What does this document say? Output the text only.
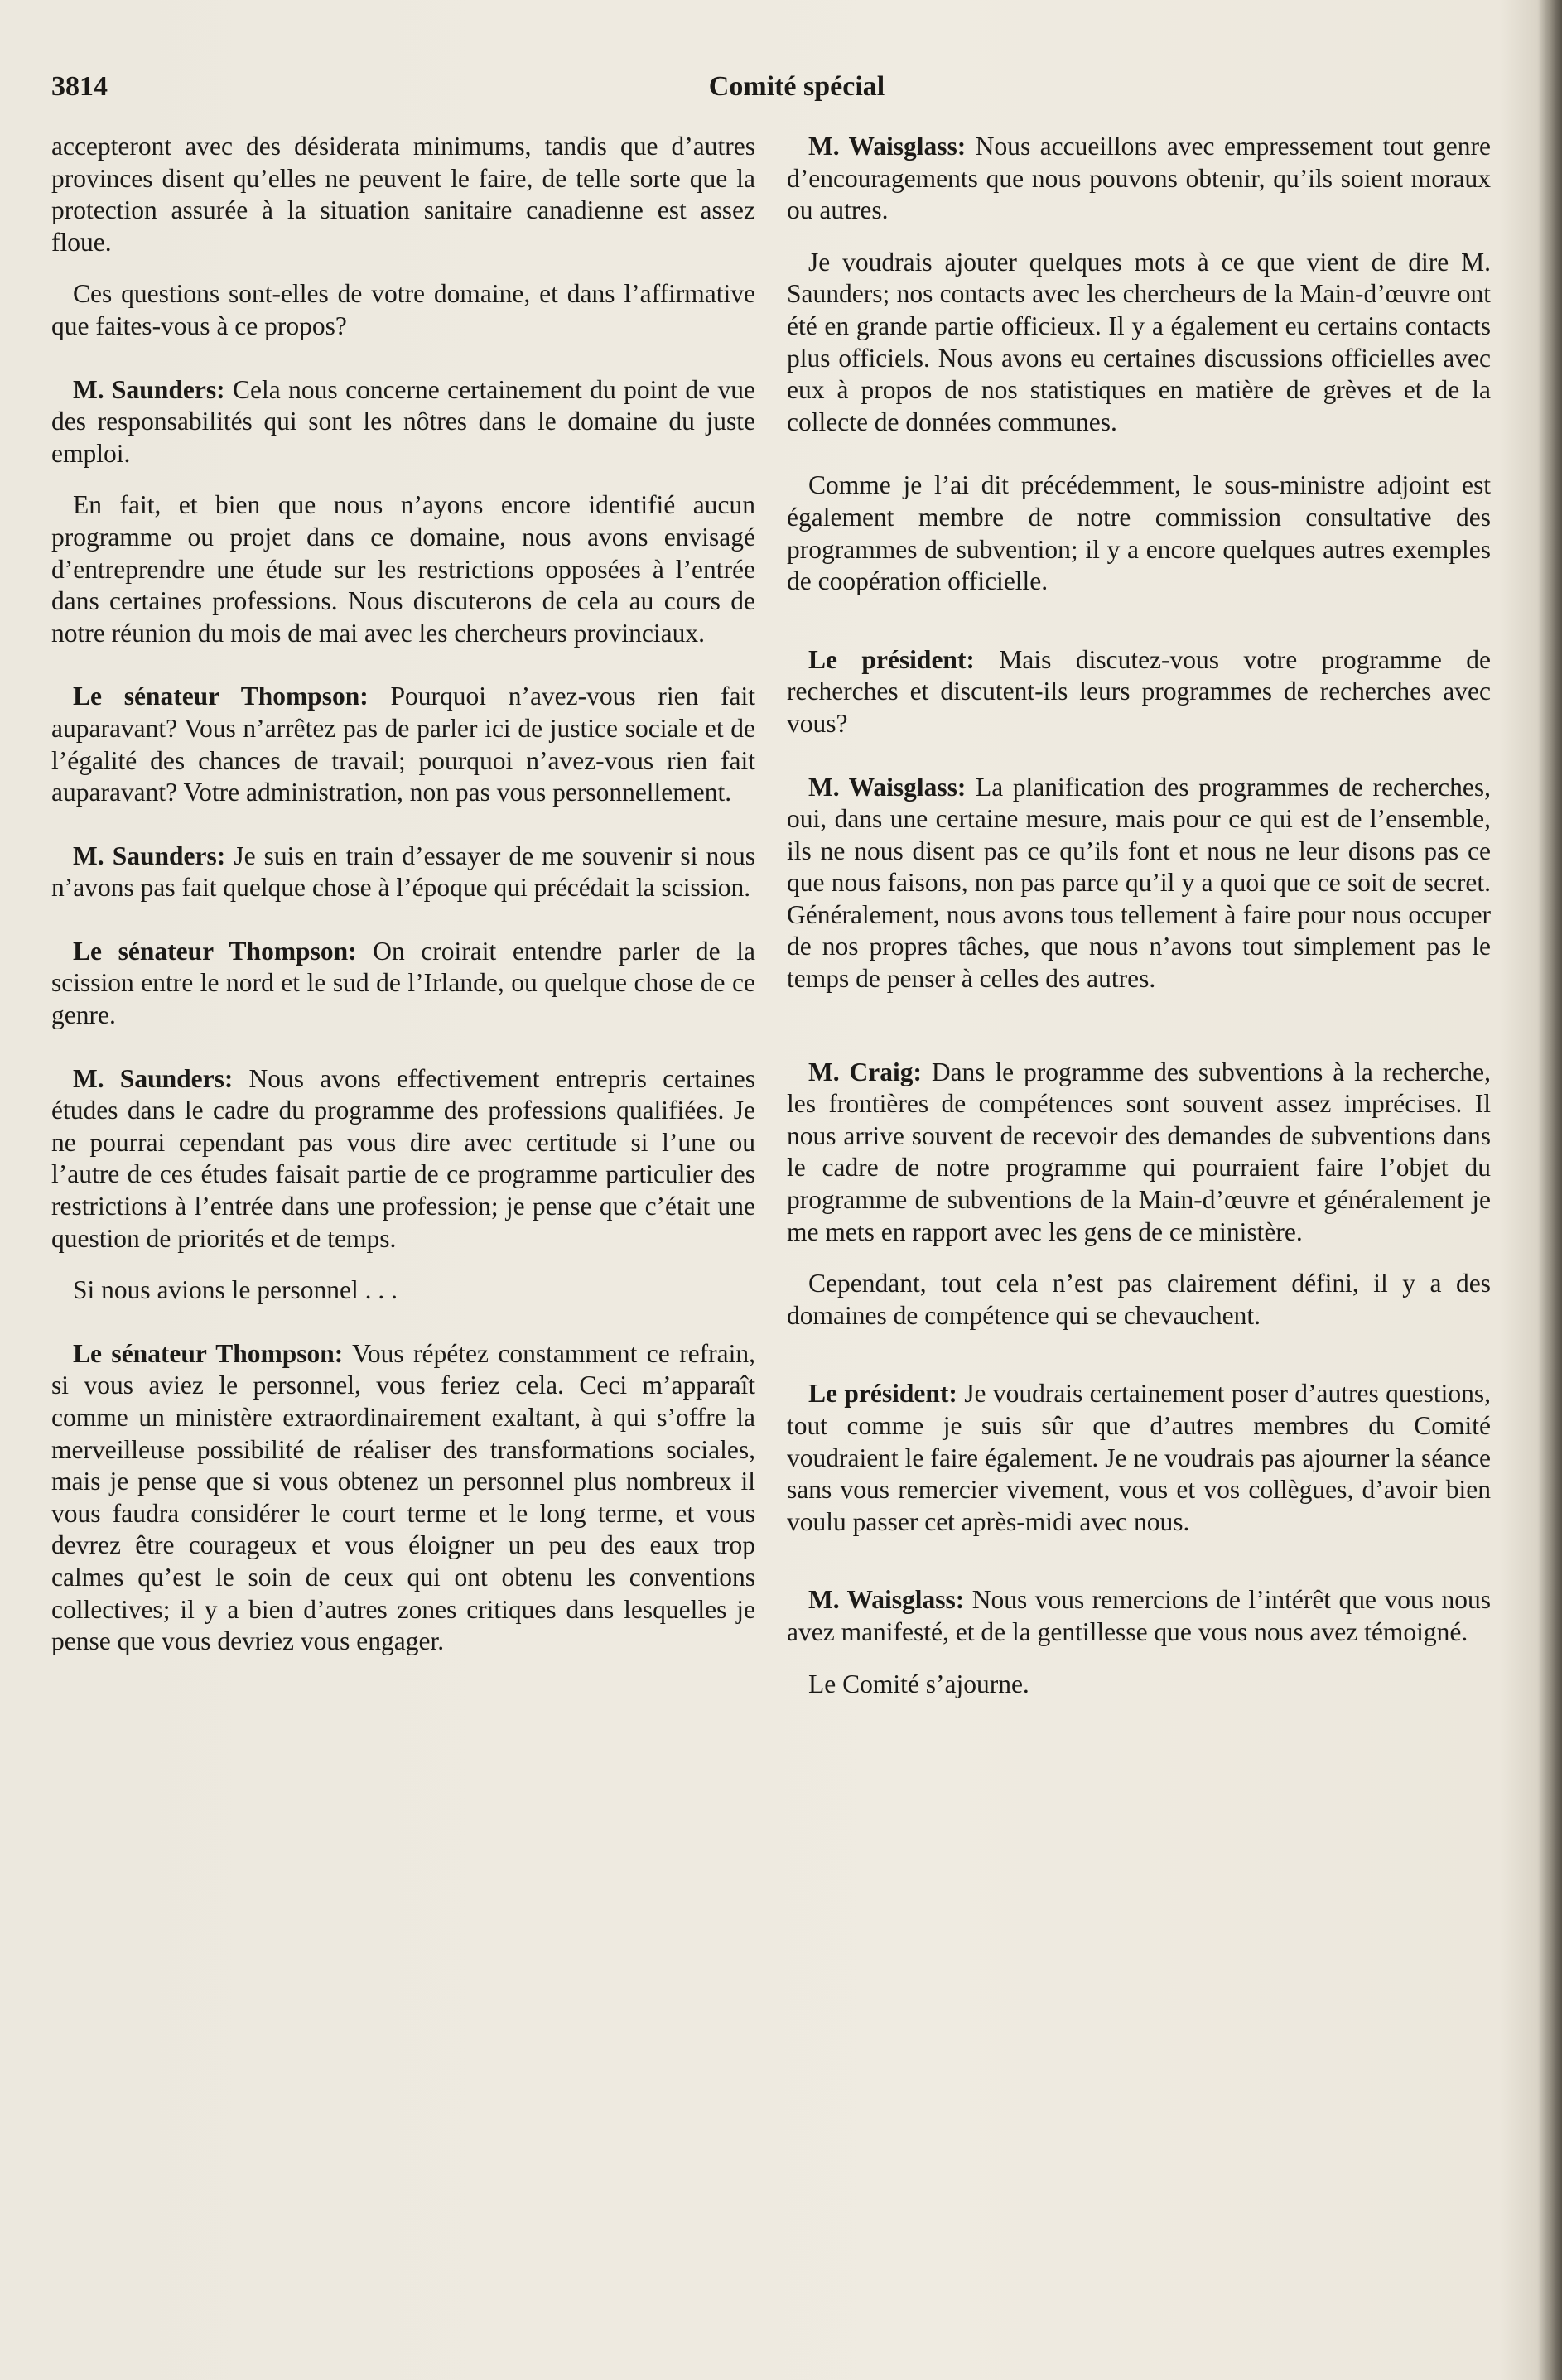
3814	Comité spécial

accepteront avec des désiderata minimums, tandis que d’autres provinces disent qu’elles ne peuvent le faire, de telle sorte que la protection assurée à la situation sanitaire canadienne est assez floue.

Ces questions sont-elles de votre domaine, et dans l’affirmative que faites-vous à ce propos?

M. Saunders: Cela nous concerne certainement du point de vue des responsabilités qui sont les nôtres dans le domaine du juste emploi.

En fait, et bien que nous n’ayons encore identifié aucun programme ou projet dans ce domaine, nous avons envisagé d’entreprendre une étude sur les restrictions opposées à l’entrée dans certaines professions. Nous discuterons de cela au cours de notre réunion du mois de mai avec les chercheurs provinciaux.

Le sénateur Thompson: Pourquoi n’avez-vous rien fait auparavant? Vous n’arrêtez pas de parler ici de justice sociale et de l’égalité des chances de travail; pourquoi n’avez-vous rien fait auparavant? Votre administration, non pas vous personnellement.

M. Saunders: Je suis en train d’essayer de me souvenir si nous n’avons pas fait quelque chose à l’époque qui précédait la scission.

Le sénateur Thompson: On croirait entendre parler de la scission entre le nord et le sud de l’Irlande, ou quelque chose de ce genre.

M. Saunders: Nous avons effectivement entrepris certaines études dans le cadre du programme des professions qualifiées. Je ne pourrai cependant pas vous dire avec certitude si l’une ou l’autre de ces études faisait partie de ce programme particulier des restrictions à l’entrée dans une profession; je pense que c’était une question de priorités et de temps.

Si nous avions le personnel . . .

Le sénateur Thompson: Vous répétez constamment ce refrain, si vous aviez le personnel, vous feriez cela. Ceci m’apparaît comme un ministère extraordinairement exaltant, à qui s’offre la merveilleuse possibilité de réaliser des transformations sociales, mais je pense que si vous obtenez un personnel plus nombreux il vous faudra considérer le court terme et le long terme, et vous devrez être courageux et vous éloigner un peu des eaux trop calmes qu’est le soin de ceux qui ont obtenu les conventions collectives; il y a bien d’autres zones critiques dans lesquelles je pense que vous devriez vous engager.

M. Waisglass: Nous accueillons avec empressement tout genre d’encouragements que nous pouvons obtenir, qu’ils soient moraux ou autres.

Je voudrais ajouter quelques mots à ce que vient de dire M. Saunders; nos contacts avec les chercheurs de la Main-d’œuvre ont été en grande partie officieux. Il y a également eu certains contacts plus officiels. Nous avons eu certaines discussions officielles avec eux à propos de nos statistiques en matière de grèves et de la collecte de données communes.

Comme je l’ai dit précédemment, le sous-ministre adjoint est également membre de notre commission consultative des programmes de subvention; il y a encore quelques autres exemples de coopération officielle.

Le président: Mais discutez-vous votre programme de recherches et discutent-ils leurs programmes de recherches avec vous?

M. Waisglass: La planification des programmes de recherches, oui, dans une certaine mesure, mais pour ce qui est de l’ensemble, ils ne nous disent pas ce qu’ils font et nous ne leur disons pas ce que nous faisons, non pas parce qu’il y a quoi que ce soit de secret. Généralement, nous avons tous tellement à faire pour nous occuper de nos propres tâches, que nous n’avons tout simplement pas le temps de penser à celles des autres.

M. Craig: Dans le programme des subventions à la recherche, les frontières de compétences sont souvent assez imprécises. Il nous arrive souvent de recevoir des demandes de subventions dans le cadre de notre programme qui pourraient faire l’objet du programme de subventions de la Main-d’œuvre et généralement je me mets en rapport avec les gens de ce ministère.

Cependant, tout cela n’est pas clairement défini, il y a des domaines de compétence qui se chevauchent.

Le président: Je voudrais certainement poser d’autres questions, tout comme je suis sûr que d’autres membres du Comité voudraient le faire également. Je ne voudrais pas ajourner la séance sans vous remercier vivement, vous et vos collègues, d’avoir bien voulu passer cet après-midi avec nous.

M. Waisglass: Nous vous remercions de l’intérêt que vous nous avez manifesté, et de la gentillesse que vous nous avez témoigné.

Le Comité s’ajourne.
